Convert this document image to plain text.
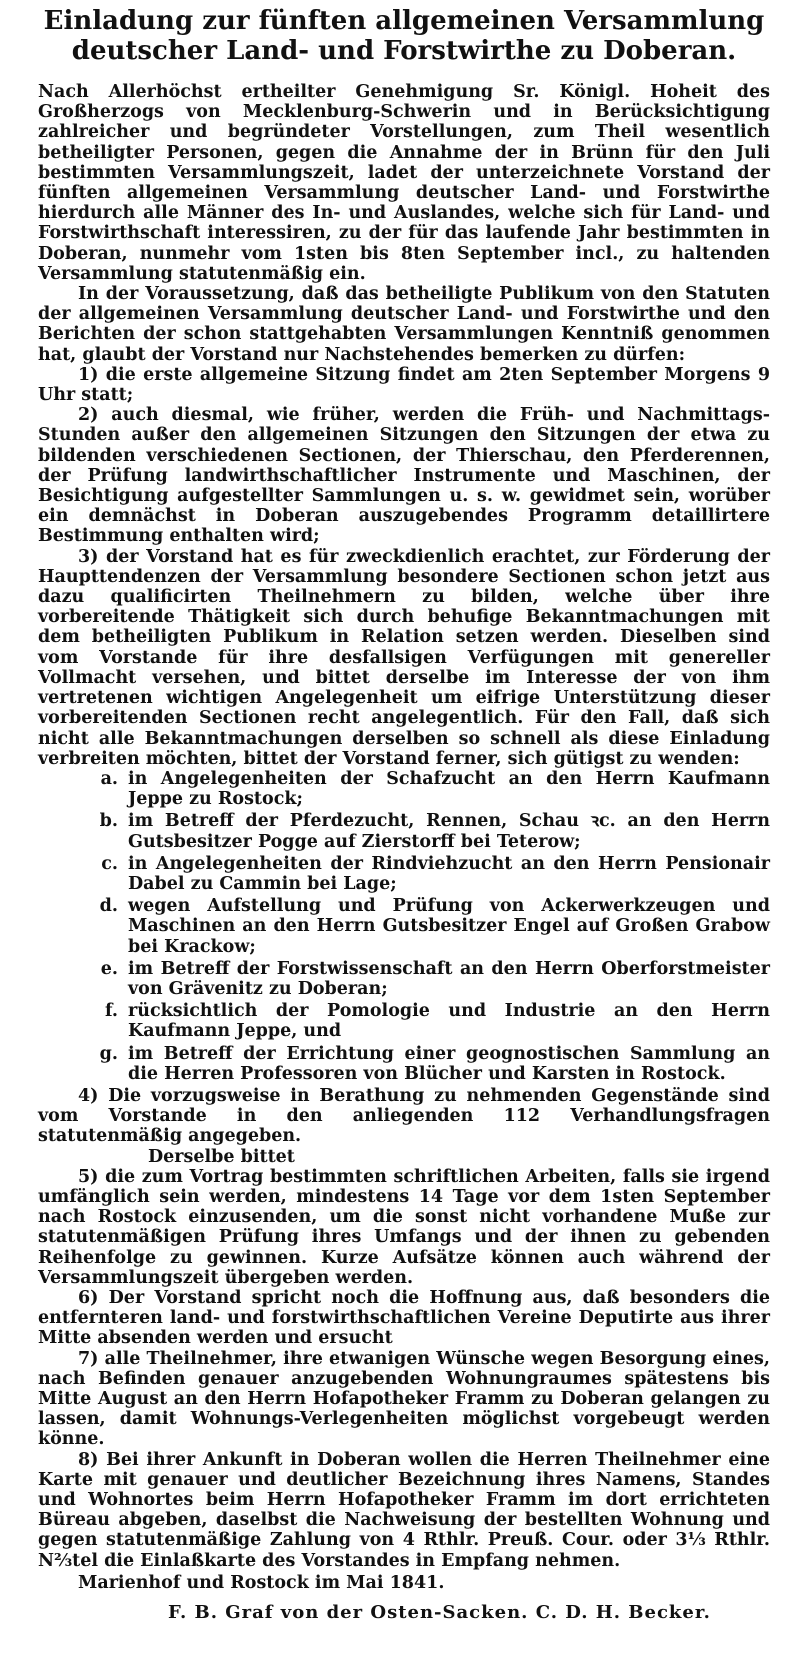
Einladung zur fünften allgemeinen Versammlung
deutscher Land- und Forstwirthe zu Doberan.

Nach Allerhöchst ertheilter Genehmigung Sr. Königl. Hoheit des Großherzogs von Mecklenburg-Schwerin und in Berücksichtigung zahlreicher und begründeter Vorstellungen, zum Theil wesentlich betheiligter Personen, gegen die Annahme der in Brünn für den Juli bestimmten Versammlungszeit, ladet der unterzeichnete Vorstand der fünften allgemeinen Versammlung deutscher Land- und Forstwirthe hierdurch alle Männer des In- und Auslandes, welche sich für Land- und Forstwirthschaft interessiren, zu der für das laufende Jahr bestimmten in Doberan, nunmehr vom 1sten bis 8ten September incl., zu haltenden Versammlung statutenmäßig ein.

In der Voraussetzung, daß das betheiligte Publikum von den Statuten der allgemeinen Versammlung deutscher Land- und Forstwirthe und den Berichten der schon stattgehabten Versammlungen Kenntniß genommen hat, glaubt der Vorstand nur Nachstehendes bemerken zu dürfen:

1) die erste allgemeine Sitzung findet am 2ten September Morgens 9 Uhr statt;

2) auch diesmal, wie früher, werden die Früh- und Nachmittags-Stunden außer den allgemeinen Sitzungen den Sitzungen der etwa zu bildenden verschiedenen Sectionen, der Thierschau, den Pferderennen, der Prüfung landwirthschaftlicher Instrumente und Maschinen, der Besichtigung aufgestellter Sammlungen u. s. w. gewidmet sein, worüber ein demnächst in Doberan auszugebendes Programm detaillirtere Bestimmung enthalten wird;

3) der Vorstand hat es für zweckdienlich erachtet, zur Förderung der Haupttendenzen der Versammlung besondere Sectionen schon jetzt aus dazu qualificirten Theilnehmern zu bilden, welche über ihre vorbereitende Thätigkeit sich durch behufige Bekanntmachungen mit dem betheiligten Publikum in Relation setzen werden. Dieselben sind vom Vorstande für ihre desfallsigen Verfügungen mit genereller Vollmacht versehen, und bittet derselbe im Interesse der von ihm vertretenen wichtigen Angelegenheit um eifrige Unterstützung dieser vorbereitenden Sectionen recht angelegentlich. Für den Fall, daß sich nicht alle Bekanntmachungen derselben so schnell als diese Einladung verbreiten möchten, bittet der Vorstand ferner, sich gütigst zu wenden:

a. in Angelegenheiten der Schafzucht an den Herrn Kaufmann Jeppe zu Rostock;
b. im Betreff der Pferdezucht, Rennen, Schau ꝛc. an den Herrn Gutsbesitzer Pogge auf Zierstorff bei Teterow;
c. in Angelegenheiten der Rindviehzucht an den Herrn Pensionair Dabel zu Cammin bei Lage;
d. wegen Aufstellung und Prüfung von Ackerwerkzeugen und Maschinen an den Herrn Gutsbesitzer Engel auf Großen Grabow bei Krackow;
e. im Betreff der Forstwissenschaft an den Herrn Oberforstmeister von Grävenitz zu Doberan;
f. rücksichtlich der Pomologie und Industrie an den Herrn Kaufmann Jeppe, und
g. im Betreff der Errichtung einer geognostischen Sammlung an die Herren Professoren von Blücher und Karsten in Rostock.

4) Die vorzugsweise in Berathung zu nehmenden Gegenstände sind vom Vorstande in den anliegenden 112 Verhandlungsfragen statutenmäßig angegeben.

Derselbe bittet

5) die zum Vortrag bestimmten schriftlichen Arbeiten, falls sie irgend umfänglich sein werden, mindestens 14 Tage vor dem 1sten September nach Rostock einzusenden, um die sonst nicht vorhandene Muße zur statutenmäßigen Prüfung ihres Umfangs und der ihnen zu gebenden Reihenfolge zu gewinnen. Kurze Aufsätze können auch während der Versammlungszeit übergeben werden.

6) Der Vorstand spricht noch die Hoffnung aus, daß besonders die entfernteren land- und forstwirthschaftlichen Vereine Deputirte aus ihrer Mitte absenden werden und ersucht

7) alle Theilnehmer, ihre etwanigen Wünsche wegen Besorgung eines, nach Befinden genauer anzugebenden Wohnungraumes spätestens bis Mitte August an den Herrn Hofapotheker Framm zu Doberan gelangen zu lassen, damit Wohnungs-Verlegenheiten möglichst vorgebeugt werden könne.

8) Bei ihrer Ankunft in Doberan wollen die Herren Theilnehmer eine Karte mit genauer und deutlicher Bezeichnung ihres Namens, Standes und Wohnortes beim Herrn Hofapotheker Framm im dort errichteten Büreau abgeben, daselbst die Nachweisung der bestellten Wohnung und gegen statutenmäßige Zahlung von 4 Rthlr. Preuß. Cour. oder 3⅓ Rthlr. N⅔tel die Einlaßkarte des Vorstandes in Empfang nehmen.

Marienhof und Rostock im Mai 1841.

F. B. Graf von der Osten-Sacken. C. D. H. Becker.
